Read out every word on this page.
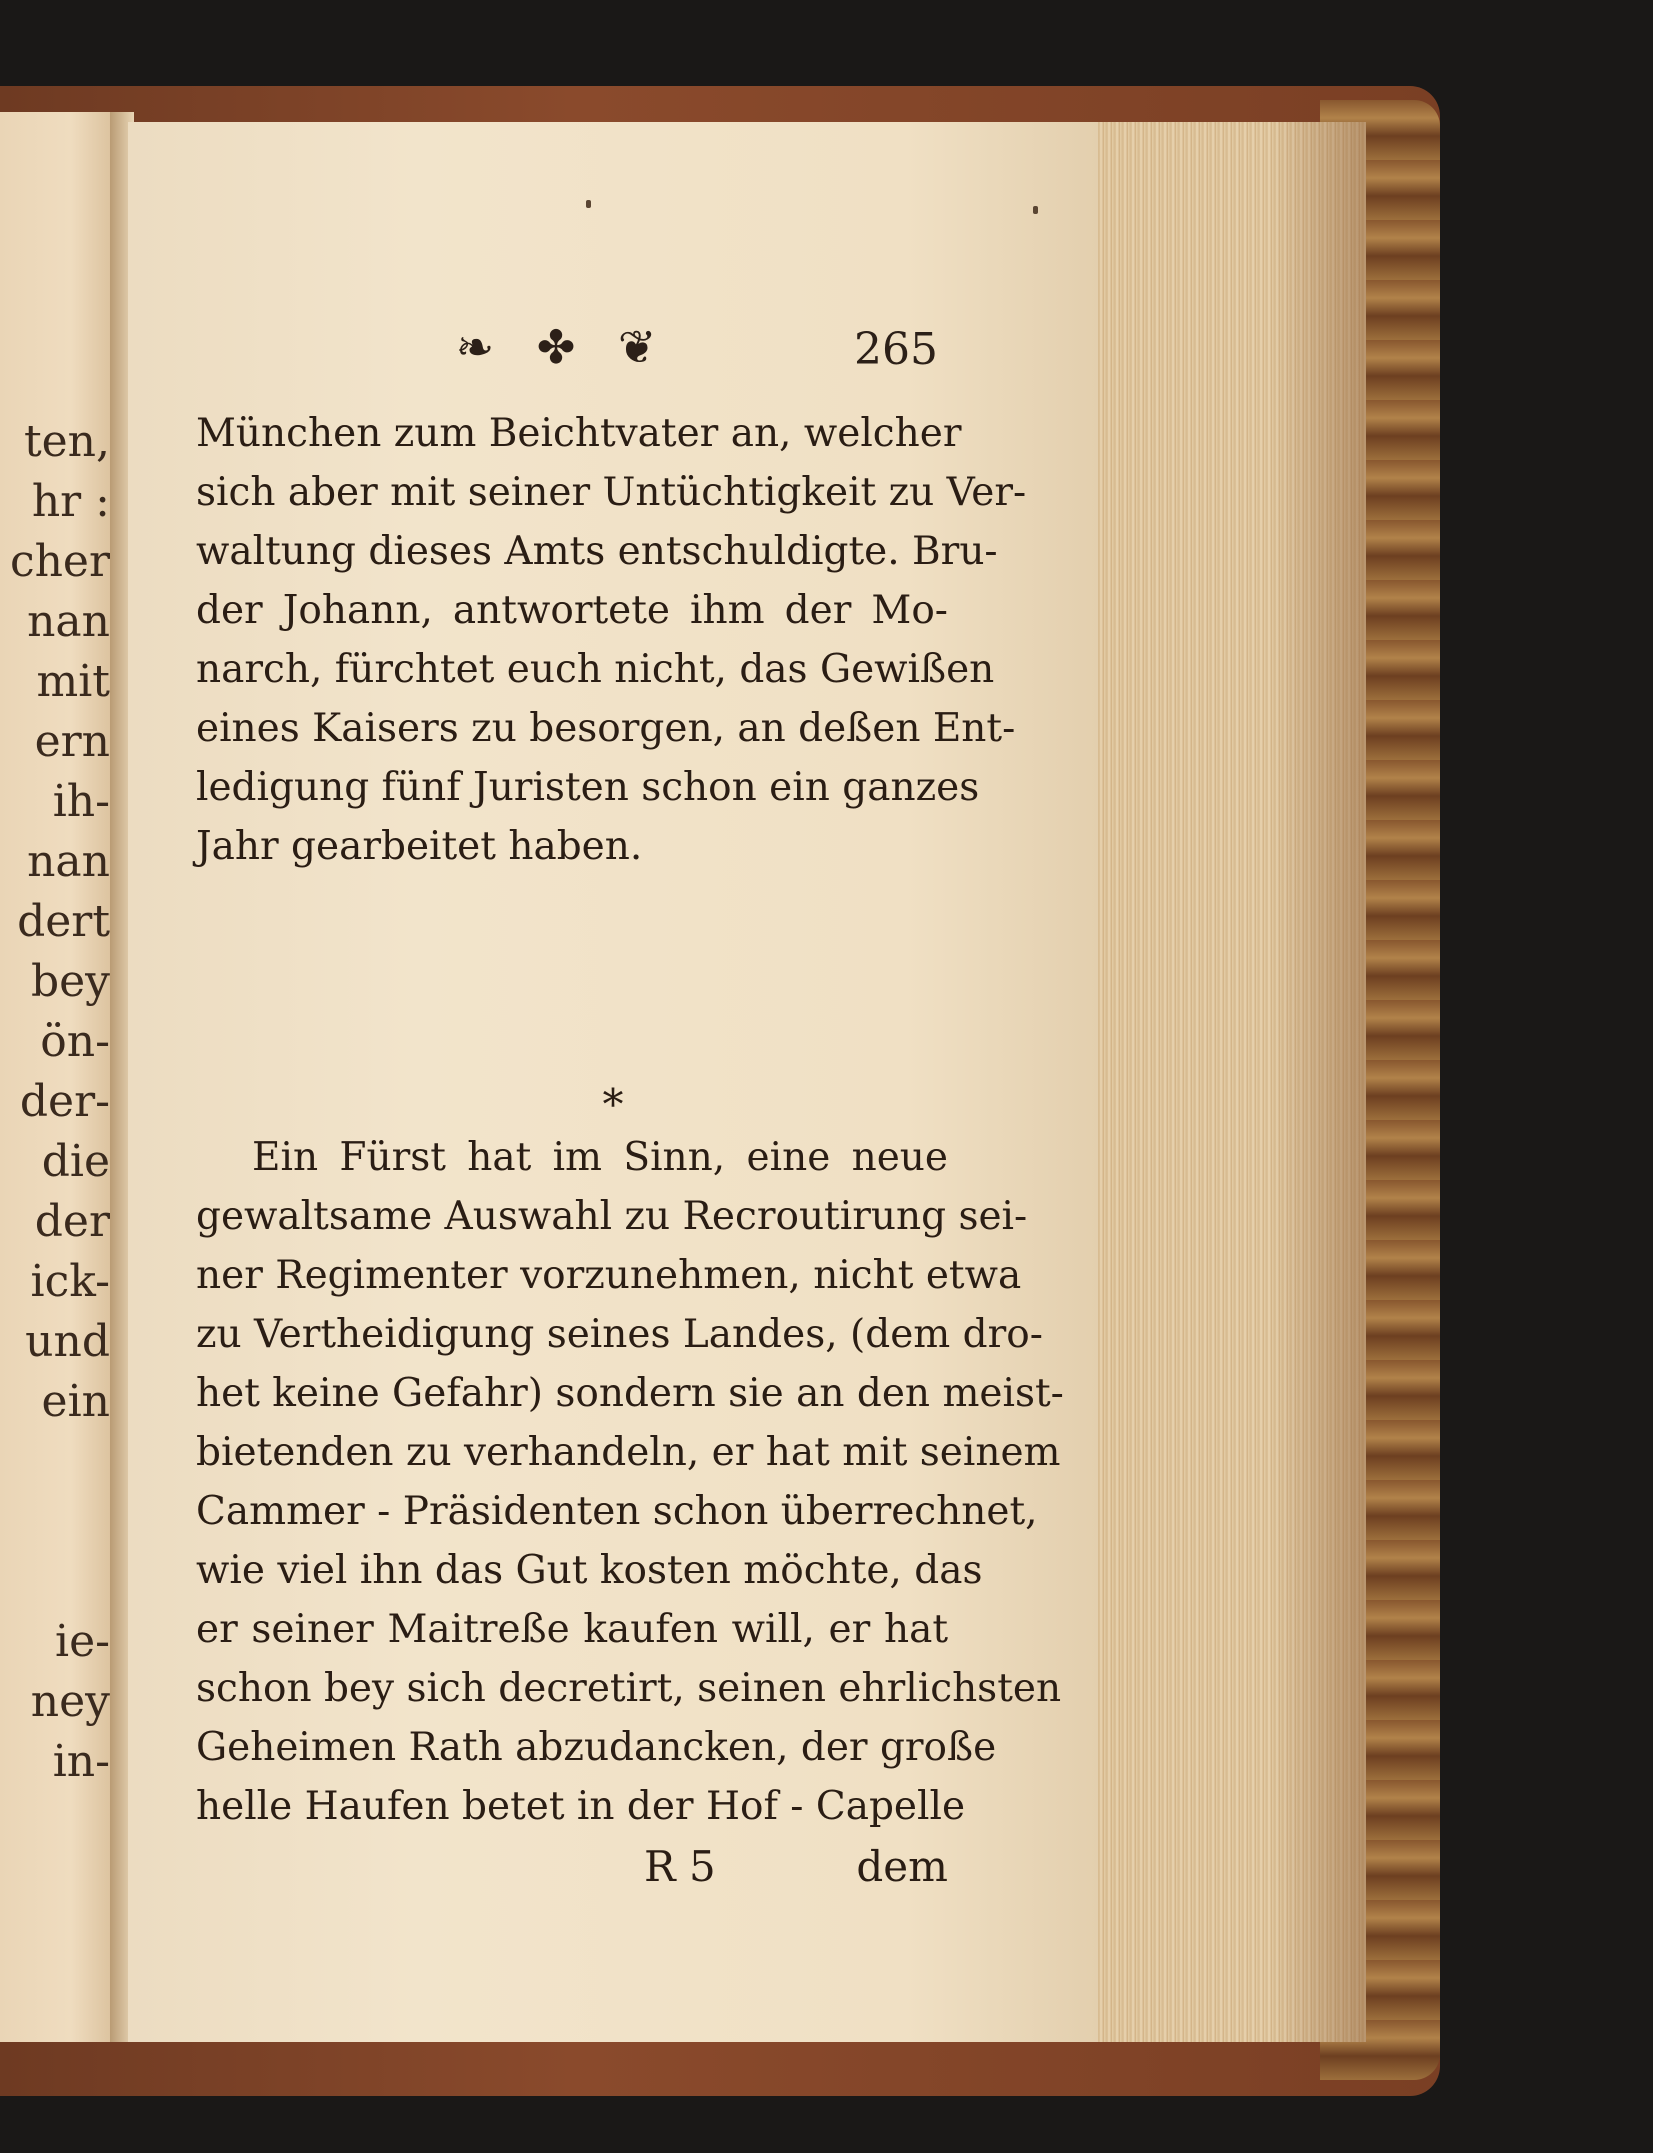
ten,
hr :
cher
nan
mit
ern
ih-
nan
dert
bey
ön-
der-
die
der
ick-
und
ein

ie-
ney
in-
❧ ✤ ❦	265
München zum Beichtvater an, welcher
sich aber mit seiner Untüchtigkeit zu Ver-
waltung dieses Amts entschuldigte. Bru-
der Johann, antwortete ihm der Mo-
narch, fürchtet euch nicht, das Gewißen
eines Kaisers zu besorgen, an deßen Ent-
ledigung fünf Juristen schon ein ganzes
Jahr gearbeitet haben.
*
Ein Fürst hat im Sinn, eine neue
gewaltsame Auswahl zu Recroutirung sei-
ner Regimenter vorzunehmen, nicht etwa
zu Vertheidigung seines Landes, (dem dro-
het keine Gefahr) sondern sie an den meist-
bietenden zu verhandeln, er hat mit seinem
Cammer - Präsidenten schon überrechnet,
wie viel ihn das Gut kosten möchte, das
er seiner Maitreße kaufen will, er hat
schon bey sich decretirt, seinen ehrlichsten
Geheimen Rath abzudancken, der große
helle Haufen betet in der Hof - Capelle
R 5	dem
